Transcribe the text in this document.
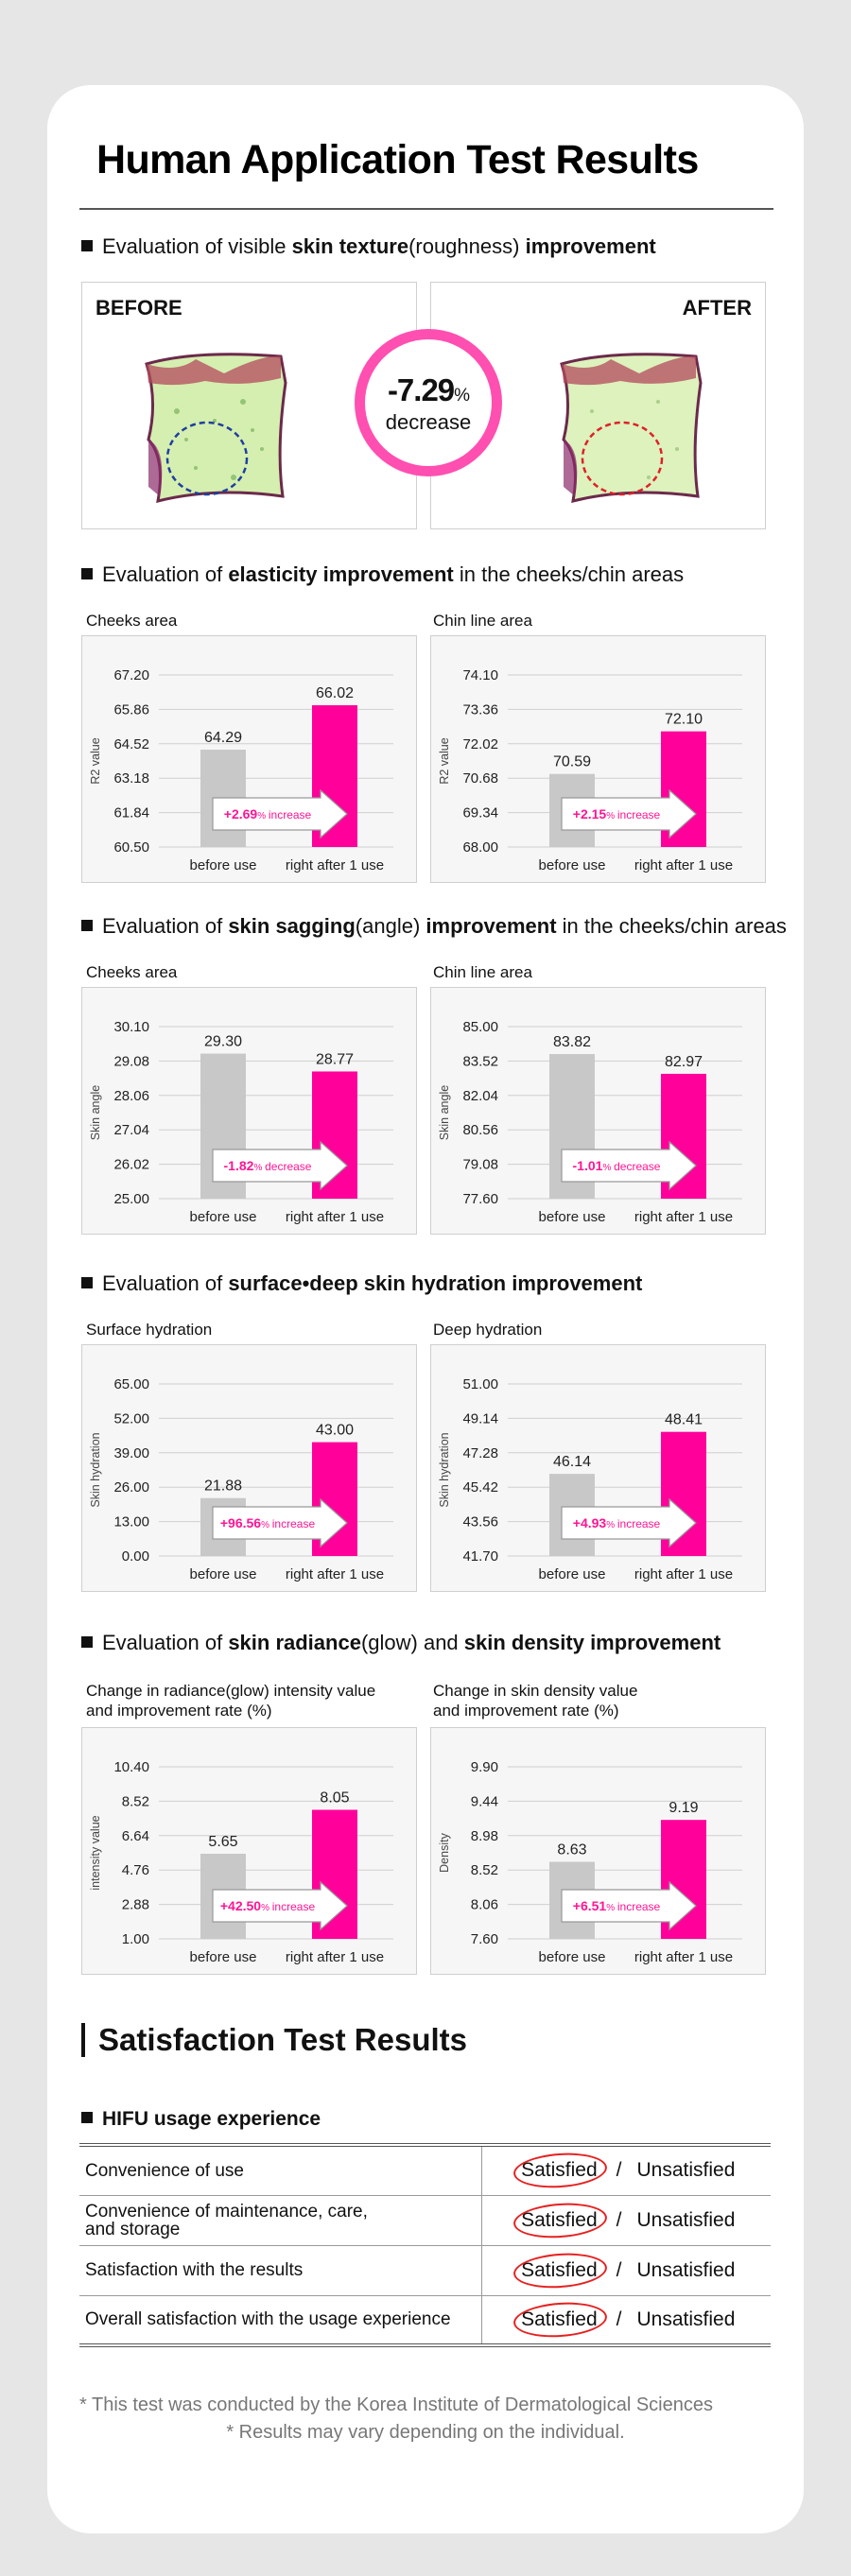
Human Application Test Results
Evaluation of visible skin texture(roughness) improvement
BEFORE	AFTER
-7.29%
decrease
Evaluation of elasticity improvement in the cheeks/chin areas
Cheeks area	Chin line area
60.50
61.84
63.18
64.52
65.86
67.20
R2 value	64.29
before use
66.02
right after 1 use
+2.69% increase
68.00
69.34
70.68
72.02
73.36
74.10
R2 value	70.59
before use
72.10
right after 1 use
+2.15% increase
Evaluation of skin sagging(angle) improvement in the cheeks/chin areas
Cheeks area	Chin line area
25.00
26.02
27.04
28.06
29.08
30.10
Skin angle
29.30
before use
28.77
right after 1 use
-1.82% decrease
77.60
79.08
80.56
82.04
83.52
85.00
Skin angle
83.82
before use
82.97
right after 1 use
-1.01% decrease
Evaluation of surface•deep skin hydration improvement
Surface hydration	Deep hydration
0.00
13.00
26.00
39.00
52.00
65.00
Skin hydration	21.88
before use
43.00
right after 1 use
+96.56% increase
41.70
43.56
45.42
47.28
49.14
51.00
Skin hydration	46.14
before use
48.41
right after 1 use
+4.93% increase
Evaluation of skin radiance(glow) and skin density improvement
Change in radiance(glow) intensity value
and improvement rate (%)
Change in skin density value
and improvement rate (%)
1.00
2.88
4.76
6.64
8.52
10.40
intensity value	5.65
before use
8.05
right after 1 use
+42.50% increase
7.60
8.06
8.52
8.98
9.44
9.90
Density	8.63
before use
9.19
right after 1 use
+6.51% increase
Satisfaction Test Results
HIFU usage experience
Convenience of use	Satisfied / Unsatisfied

Convenience of maintenance, care,
and storage	Satisfied / Unsatisfied
Satisfaction with the results	Satisfied / Unsatisfied
Overall satisfaction with the usage experience	Satisfied / Unsatisfied
* This test was conducted by the Korea Institute of Dermatological Sciences
* Results may vary depending on the individual.
